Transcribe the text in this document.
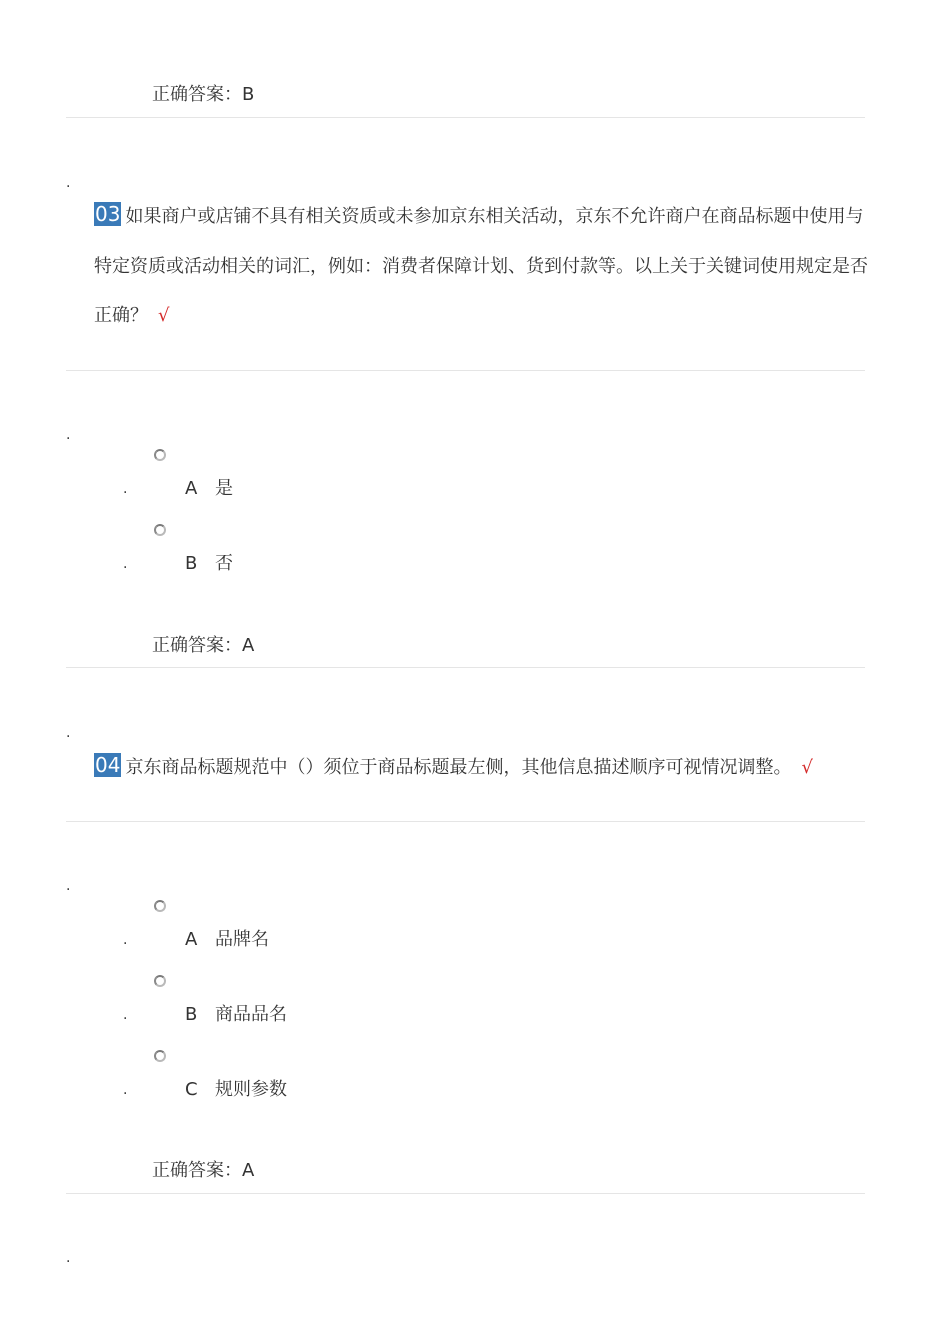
正确答案：B
.
03 如果商户或店铺不具有相关资质或未参加京东相关活动，京东不允许商户在商品标题中使用与特定资质或活动相关的词汇，例如：消费者保障计划、货到付款等。以上关于关键词使用规定是否正确？ √
.
.	A 是
.	B 否
正确答案：A
.
04 京东商品标题规范中（）须位于商品标题最左侧，其他信息描述顺序可视情况调整。 √
.
.	A 品牌名
.	B 商品品名
.	C 规则参数
正确答案：A
.
